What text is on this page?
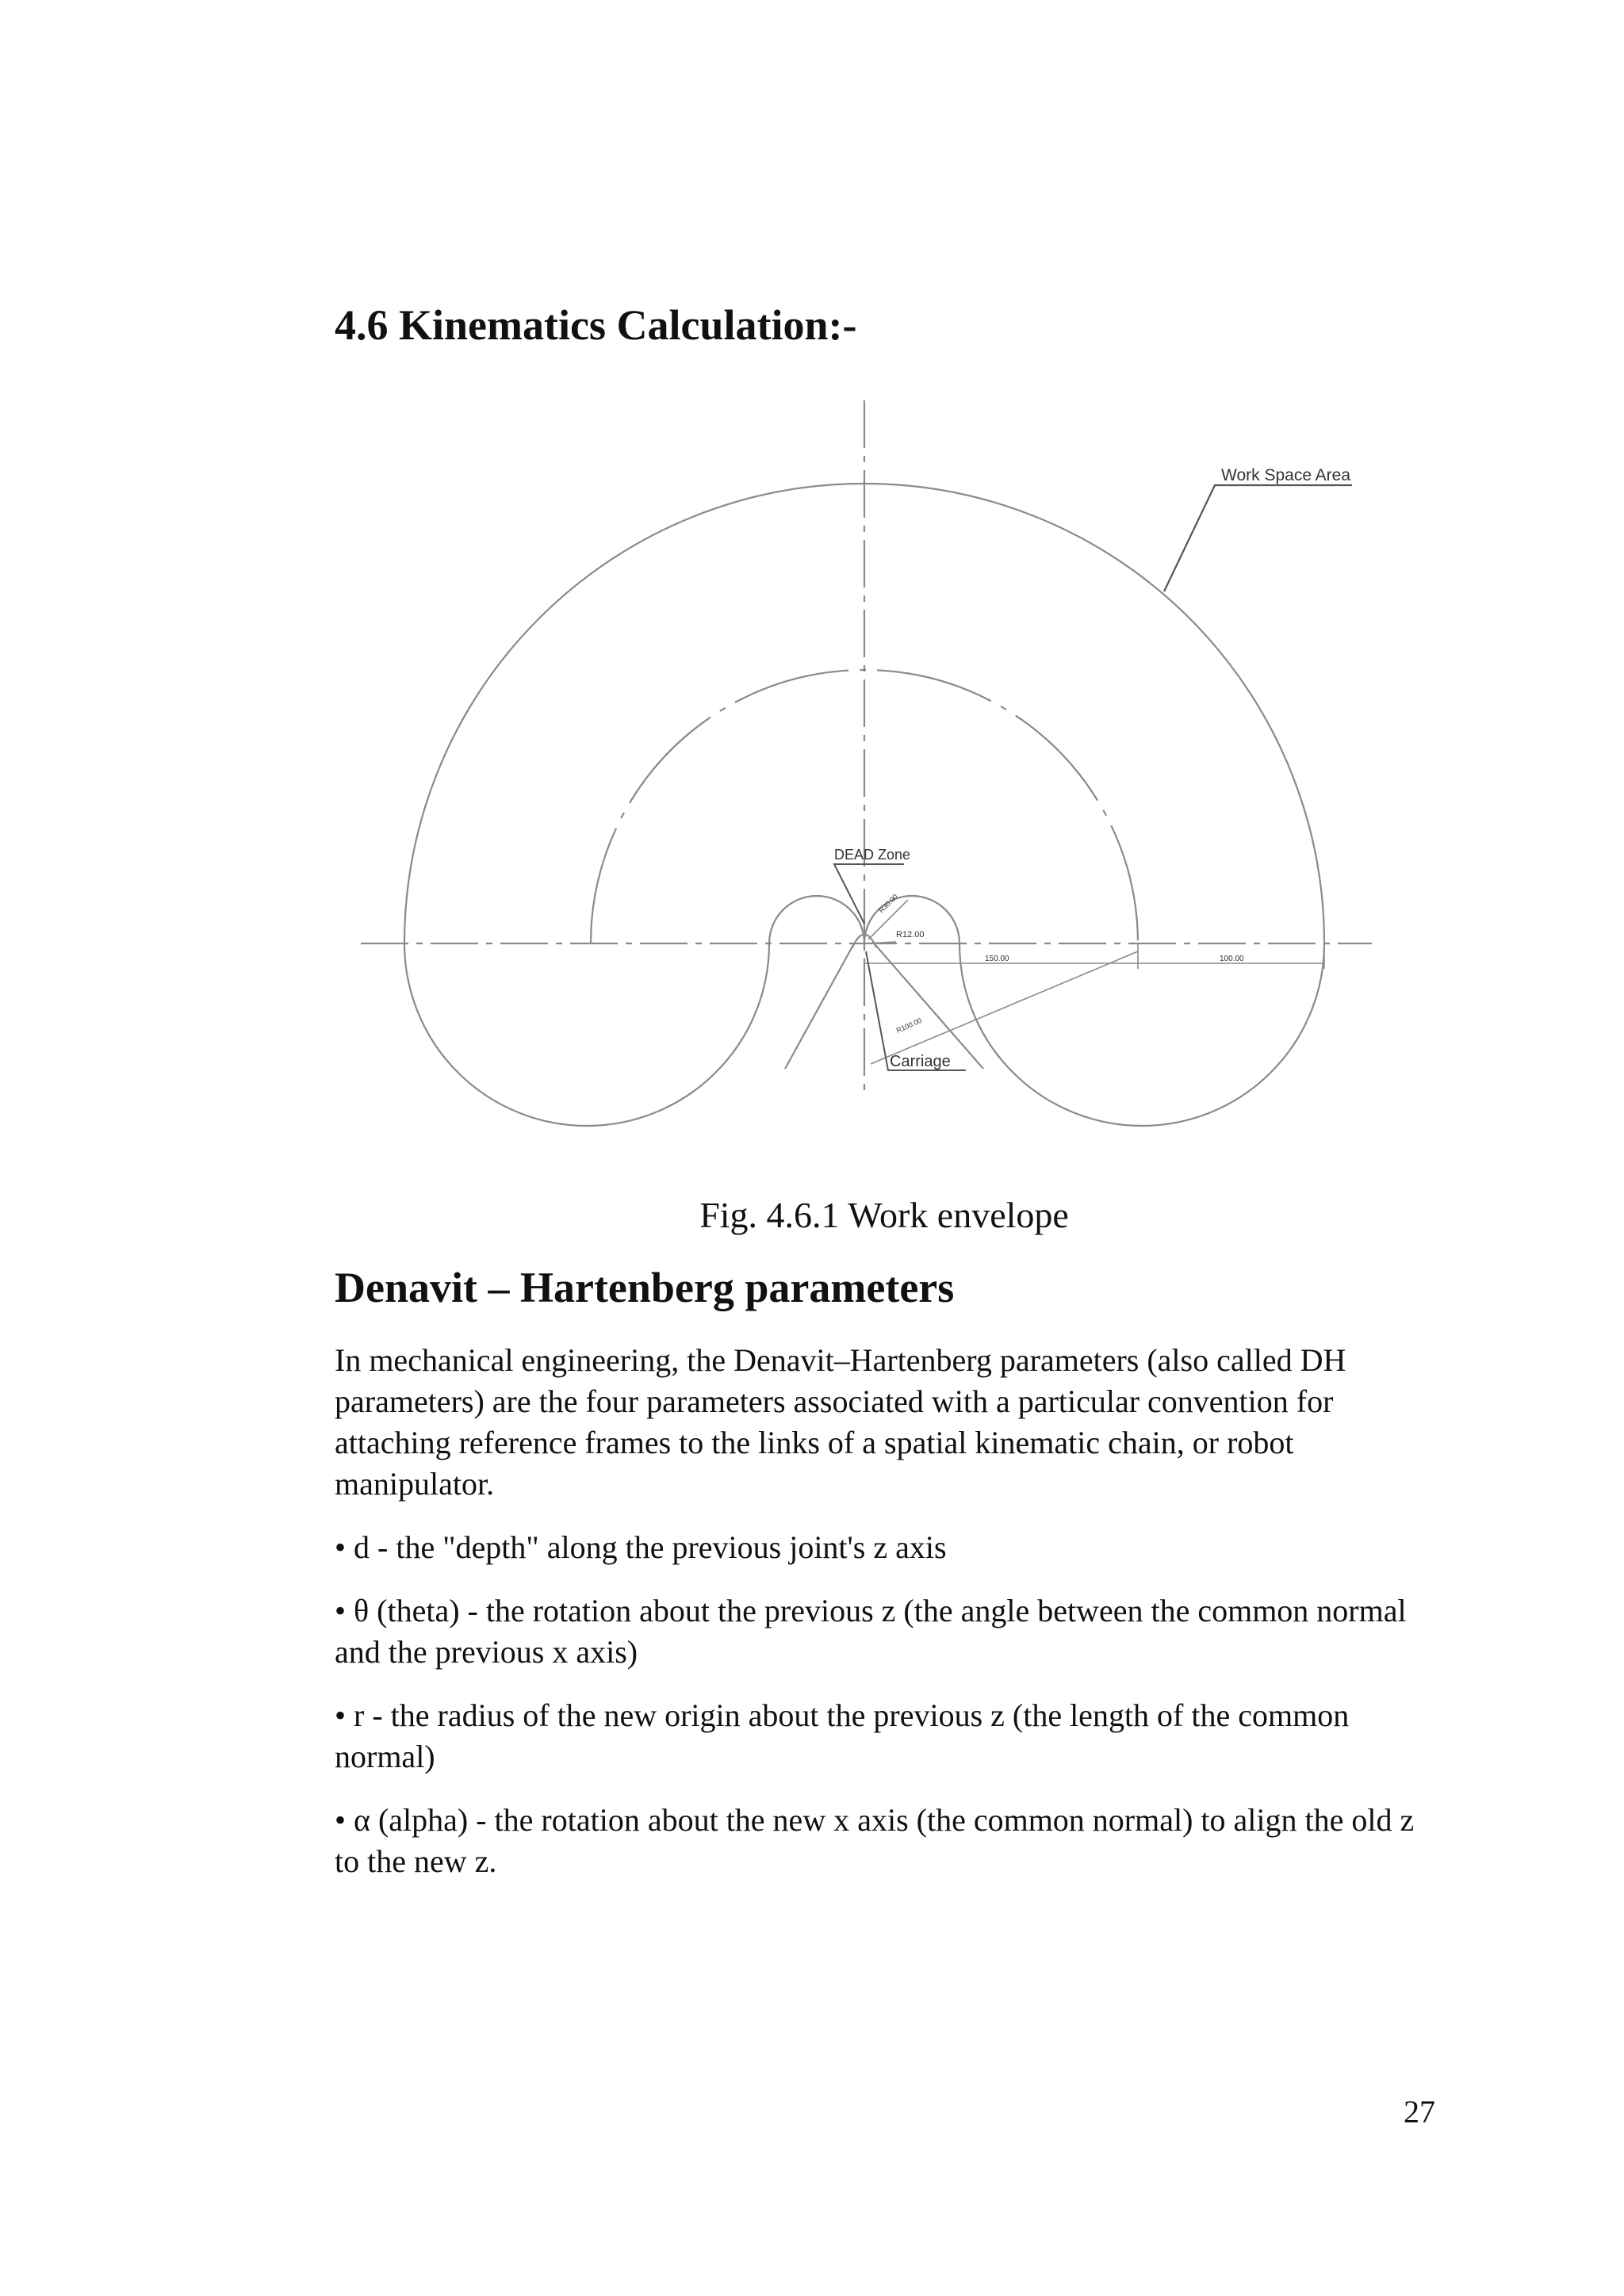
4.6 Kinematics Calculation:-
Work Space Area
DEAD Zone
Carriage
R30.00
R12.00
R100.00
150.00	100.00

Fig. 4.6.1 Work envelope

Denavit – Hartenberg parameters

In mechanical engineering, the Denavit–Hartenberg parameters (also called DH parameters) are the four parameters associated with a particular convention for attaching reference frames to the links of a spatial kinematic chain, or robot manipulator.

• d - the "depth" along the previous joint's z axis

• θ (theta) - the rotation about the previous z (the angle between the common normal and the previous x axis)

• r - the radius of the new origin about the previous z (the length of the common normal)

• α (alpha) - the rotation about the new x axis (the common normal) to align the old z to the new z.

27
